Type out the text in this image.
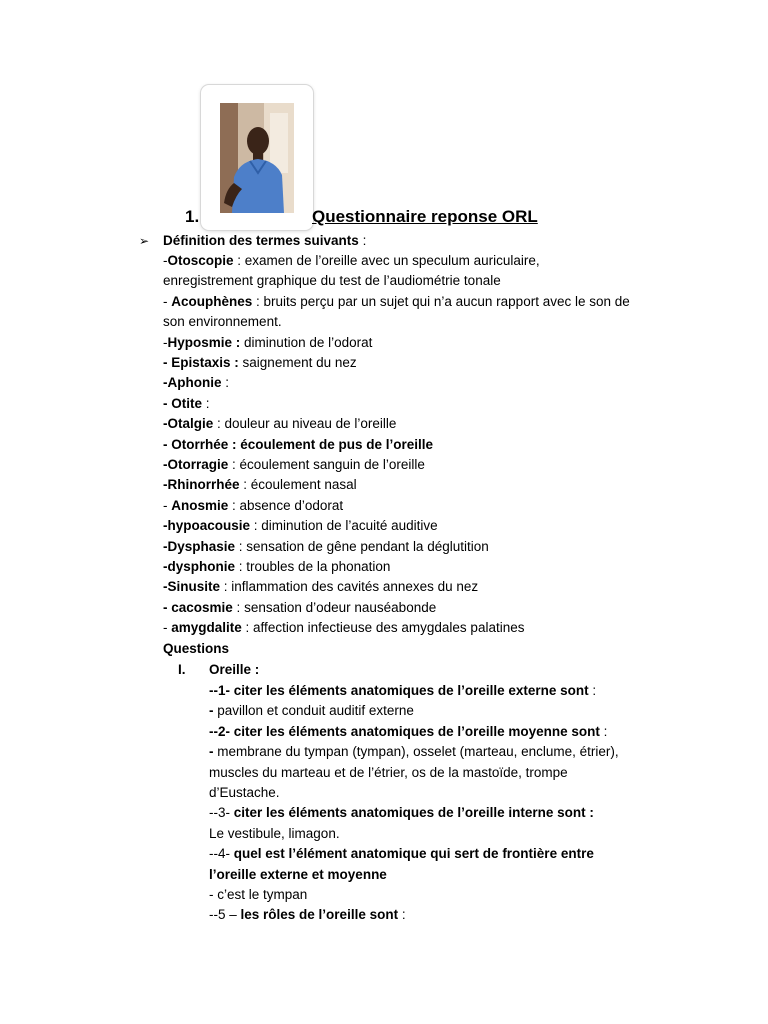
1.	Questionnaire reponse ORL
➢ Définition des termes suivants :
-Otoscopie : examen de l’oreille avec un speculum auriculaire,
enregistrement graphique du test de l’audiométrie tonale
- Acouphènes : bruits perçu par un sujet qui n’a aucun rapport avec le son de
son environnement.
-Hyposmie : diminution de l’odorat
- Epistaxis : saignement du nez
-Aphonie :
- Otite :
-Otalgie : douleur au niveau de l’oreille
- Otorrhée : écoulement de pus de l’oreille
-Otorragie : écoulement sanguin de l’oreille
-Rhinorrhée : écoulement nasal
- Anosmie : absence d’odorat
-hypoacousie : diminution de l’acuité auditive
-Dysphasie : sensation de gêne pendant la déglutition
-dysphonie : troubles de la phonation
-Sinusite : inflammation des cavités annexes du nez
- cacosmie : sensation d’odeur nauséabonde
- amygdalite : affection infectieuse des amygdales palatines
Questions
I. Oreille :
--1- citer les éléments anatomiques de l’oreille externe sont :
- pavillon et conduit auditif externe
--2- citer les éléments anatomiques de l’oreille moyenne sont :
- membrane du tympan (tympan), osselet (marteau, enclume, étrier),
muscles du marteau et de l’étrier, os de la mastoïde, trompe
d’Eustache.
--3- citer les éléments anatomiques de l’oreille interne sont :
Le vestibule, limagon.
--4- quel est l’élément anatomique qui sert de frontière entre
l’oreille externe et moyenne
- c’est le tympan
--5 – les rôles de l’oreille sont :
